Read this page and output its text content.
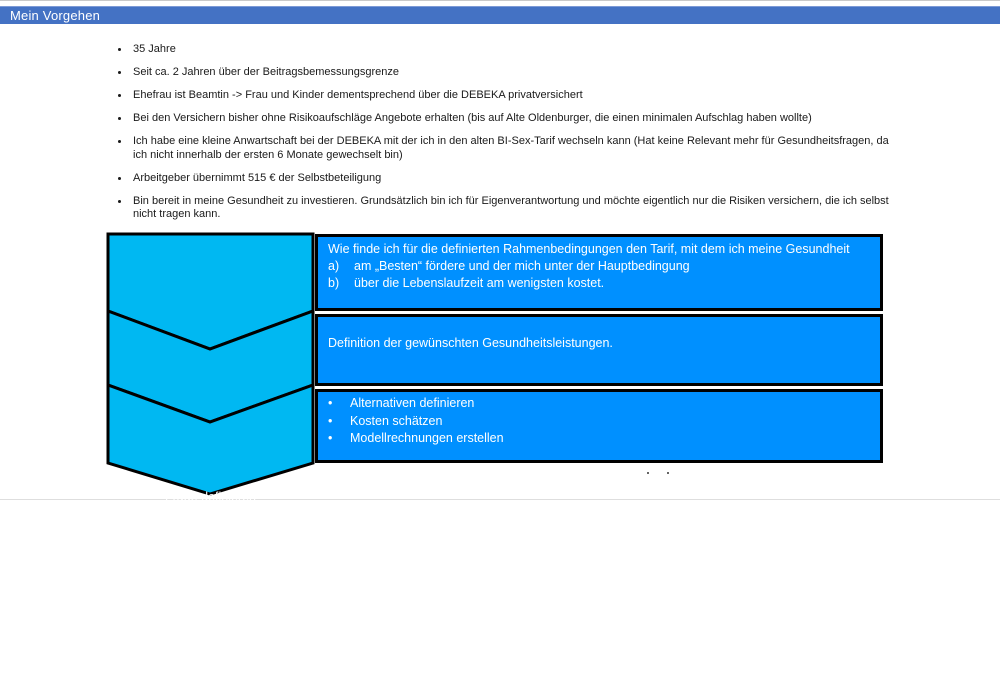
Mein Vorgehen
35 Jahre
Seit ca. 2 Jahren über der Beitragsbemessungsgrenze
Ehefrau ist Beamtin -> Frau und Kinder dementsprechend über die DEBEKA privatversichert
Bei den Versichern bisher ohne Risikoaufschläge Angebote erhalten (bis auf Alte Oldenburger, die einen minimalen Aufschlag haben wollte)
Ich habe eine kleine Anwartschaft bei der DEBEKA mit der ich in den alten BI-Sex-Tarif wechseln kann (Hat keine Relevant mehr für Gesundheitsfragen, da ich nicht innerhalb der ersten 6 Monate gewechselt bin)
Arbeitgeber übernimmt 515 € der Selbstbeteiligung
Bin bereit in meine Gesundheit zu investieren. Grundsätzlich bin ich für Eigenverantwortung und möchte eigentlich nur die Risiken versichern, die ich selbst nicht tragen kann.
Frage definieren
Wie fördere ich meine
Gesundheit am Besten?
Wie finde ich die Variante,
die mich über die Lebenslaufzeit
am wenigsten Kostet
Wie finde ich für die definierten Rahmenbedingungen den Tarif, mit dem ich meine Gesundheit
a)	am „Besten“ fördere und der mich unter der Hauptbedingung
b)	über die Lebenslaufzeit am wenigsten kostet.
Definition der gewünschten Gesundheitsleistungen.
•	Alternativen definieren
•	Kosten schätzen
•	Modellrechnungen erstellen
